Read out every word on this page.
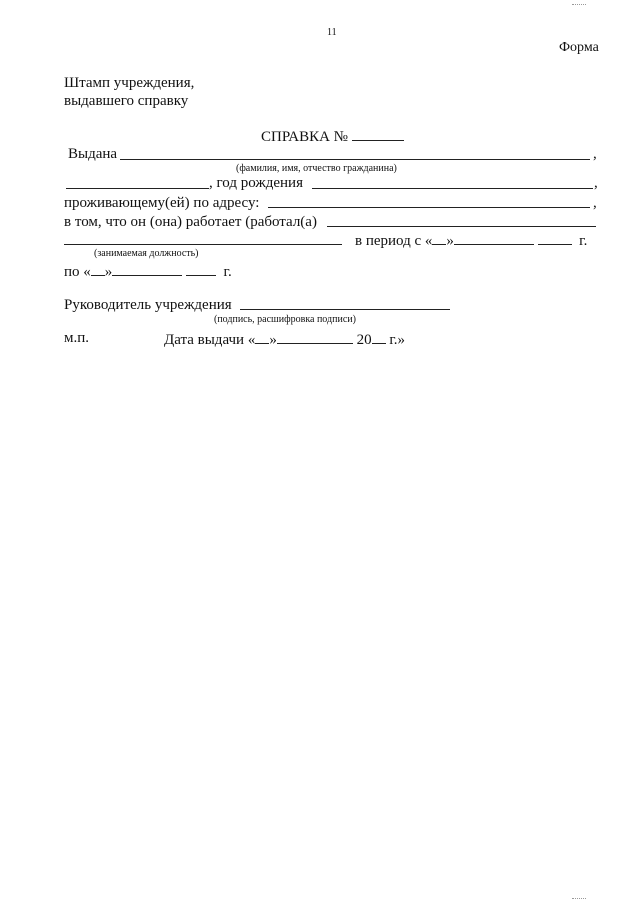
11
Форма
Штамп учреждения,
выдавшего справку
СПРАВКА №
Выдана	,
(фамилия, имя, отчество гражданина)
, год рождения	,
проживающему(ей) по адресу:	,
в том, что он (она) работает (работал(а)
в период с « »	г.
(занимаемая должность)
по « »	г.
Руководитель учреждения
(подпись, расшифровка подписи)
м.п.	Дата выдачи « »	20 г.»
